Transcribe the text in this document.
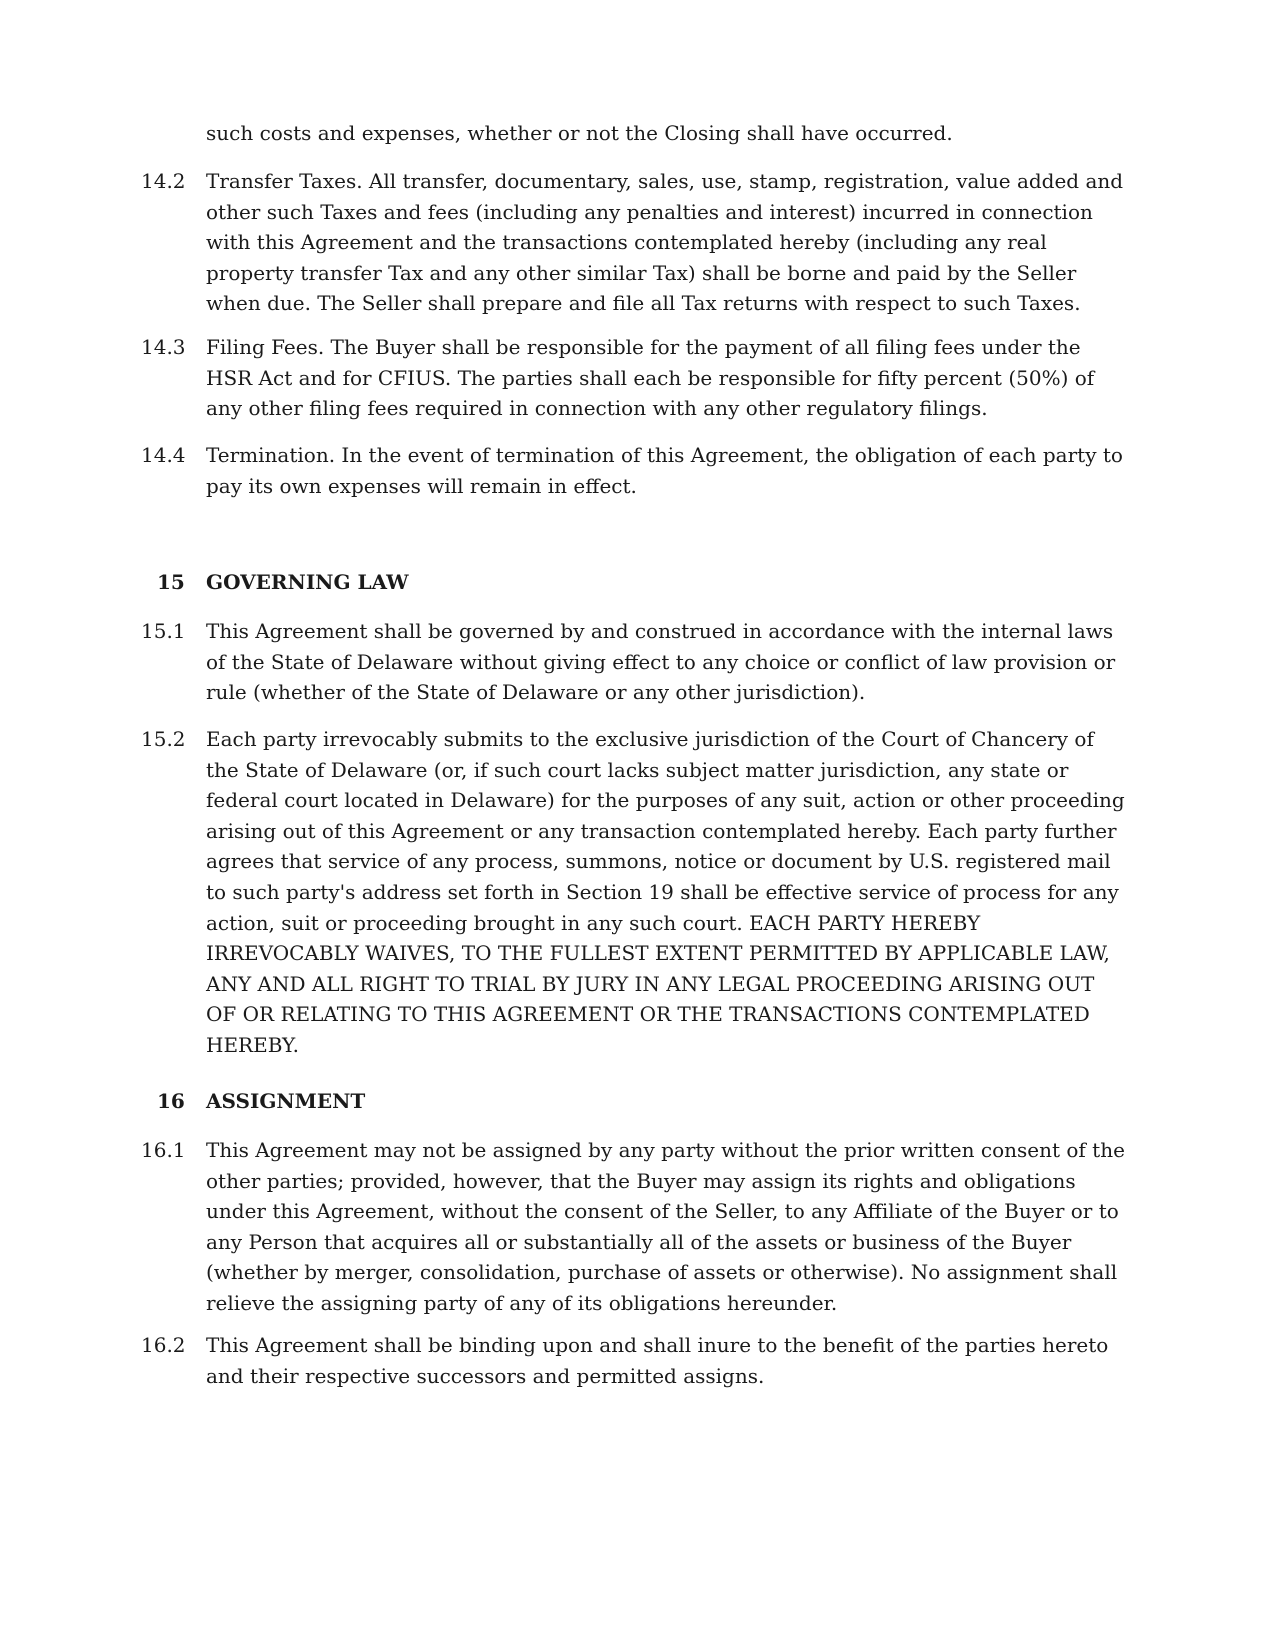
such costs and expenses, whether or not the Closing shall have occurred.

14.2 Transfer Taxes. All transfer, documentary, sales, use, stamp, registration, value added and other such Taxes and fees (including any penalties and interest) incurred in connection with this Agreement and the transactions contemplated hereby (including any real property transfer Tax and any other similar Tax) shall be borne and paid by the Seller when due. The Seller shall prepare and file all Tax returns with respect to such Taxes.

14.3 Filing Fees. The Buyer shall be responsible for the payment of all filing fees under the HSR Act and for CFIUS. The parties shall each be responsible for fifty percent (50%) of any other filing fees required in connection with any other regulatory filings.

14.4 Termination. In the event of termination of this Agreement, the obligation of each party to pay its own expenses will remain in effect.

15 GOVERNING LAW
15.1 This Agreement shall be governed by and construed in accordance with the internal laws of the State of Delaware without giving effect to any choice or conflict of law provision or rule (whether of the State of Delaware or any other jurisdiction).

15.2 Each party irrevocably submits to the exclusive jurisdiction of the Court of Chancery of the State of Delaware (or, if such court lacks subject matter jurisdiction, any state or federal court located in Delaware) for the purposes of any suit, action or other proceeding arising out of this Agreement or any transaction contemplated hereby. Each party further agrees that service of any process, summons, notice or document by U.S. registered mail to such party's address set forth in Section 19 shall be effective service of process for any action, suit or proceeding brought in any such court. EACH PARTY HEREBY IRREVOCABLY WAIVES, TO THE FULLEST EXTENT PERMITTED BY APPLICABLE LAW, ANY AND ALL RIGHT TO TRIAL BY JURY IN ANY LEGAL PROCEEDING ARISING OUT OF OR RELATING TO THIS AGREEMENT OR THE TRANSACTIONS CONTEMPLATED HEREBY.

16 ASSIGNMENT
16.1 This Agreement may not be assigned by any party without the prior written consent of the other parties; provided, however, that the Buyer may assign its rights and obligations under this Agreement, without the consent of the Seller, to any Affiliate of the Buyer or to any Person that acquires all or substantially all of the assets or business of the Buyer (whether by merger, consolidation, purchase of assets or otherwise). No assignment shall relieve the assigning party of any of its obligations hereunder.

16.2 This Agreement shall be binding upon and shall inure to the benefit of the parties hereto and their respective successors and permitted assigns.
